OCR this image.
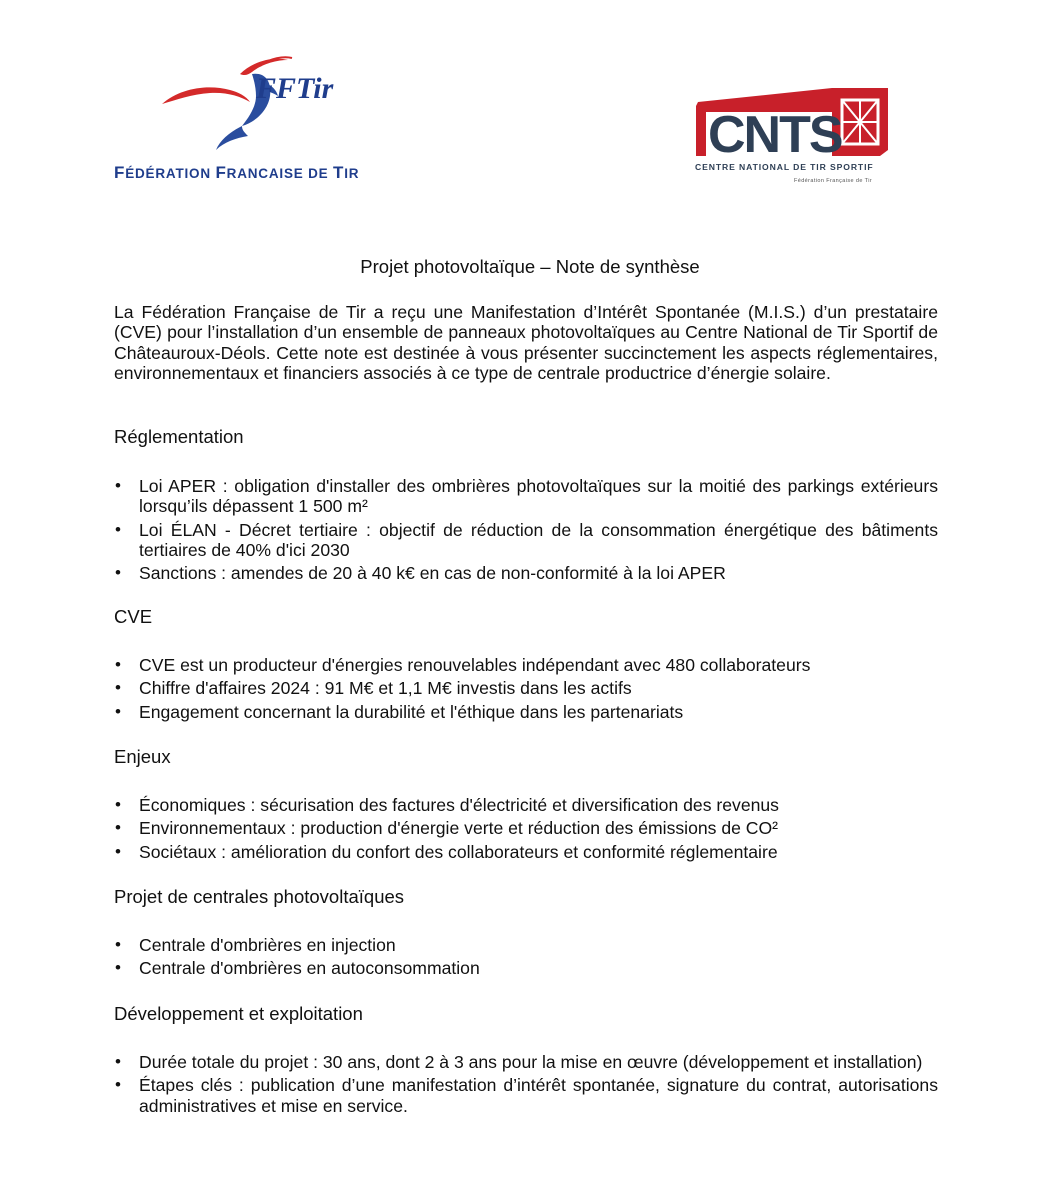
FFTir
FÉDÉRATION FRANCAISE DE TIR
CNTS
CENTRE NATIONAL DE TIR SPORTIF
Fédération Française de Tir
Projet photovoltaïque – Note de synthèse

La Fédération Française de Tir a reçu une Manifestation d’Intérêt Spontanée (M.I.S.) d’un prestataire (CVE) pour l’installation d’un ensemble de panneaux photovoltaïques au Centre National de Tir Sportif de Châteauroux-Déols. Cette note est destinée à vous présenter succinctement les aspects réglementaires, environnementaux et financiers associés à ce type de centrale productrice d’énergie solaire.

Réglementation
• Loi APER : obligation d'installer des ombrières photovoltaïques sur la moitié des parkings extérieurs lorsqu’ils dépassent 1 500 m²
• Loi ÉLAN - Décret tertiaire : objectif de réduction de la consommation énergétique des bâtiments tertiaires de 40% d'ici 2030
• Sanctions : amendes de 20 à 40 k€ en cas de non-conformité à la loi APER
CVE
• CVE est un producteur d'énergies renouvelables indépendant avec 480 collaborateurs
• Chiffre d'affaires 2024 : 91 M€ et 1,1 M€ investis dans les actifs
• Engagement concernant la durabilité et l'éthique dans les partenariats
Enjeux
• Économiques : sécurisation des factures d'électricité et diversification des revenus
• Environnementaux : production d'énergie verte et réduction des émissions de CO²
• Sociétaux : amélioration du confort des collaborateurs et conformité réglementaire
Projet de centrales photovoltaïques
• Centrale d'ombrières en injection
• Centrale d'ombrières en autoconsommation
Développement et exploitation
• Durée totale du projet : 30 ans, dont 2 à 3 ans pour la mise en œuvre (développement et installation)
• Étapes clés : publication d’une manifestation d’intérêt spontanée, signature du contrat, autorisations administratives et mise en service.
